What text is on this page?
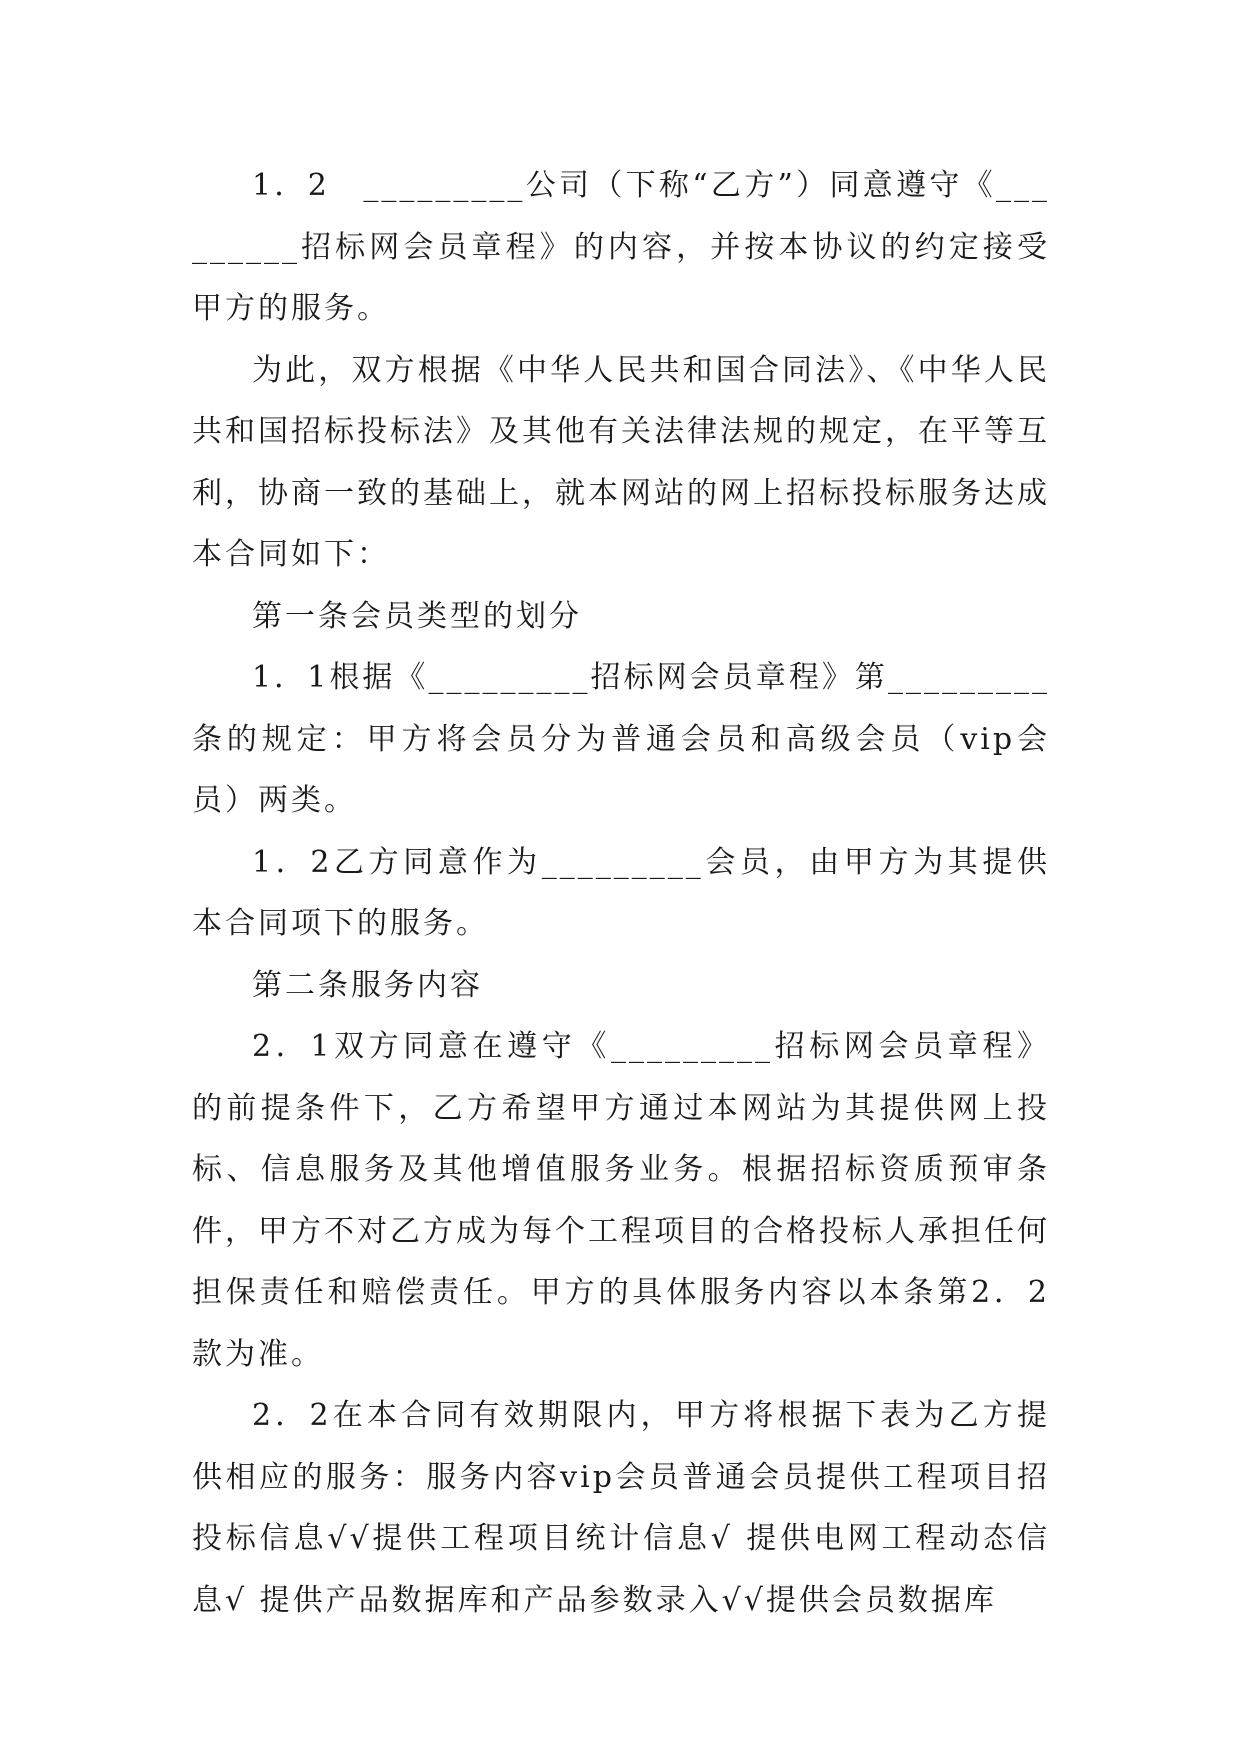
1．2　_________公司（下称“乙方”）同意遵守《_________招标网会员章程》的内容，并按本协议的约定接受甲方的服务。

为此，双方根据《中华人民共和国合同法》、《中华人民共和国招标投标法》及其他有关法律法规的规定，在平等互利，协商一致的基础上，就本网站的网上招标投标服务达成本合同如下：

第一条会员类型的划分

1．1根据《_________招标网会员章程》第_________条的规定：甲方将会员分为普通会员和高级会员（vip会员）两类。

1．2乙方同意作为_________会员，由甲方为其提供本合同项下的服务。

第二条服务内容

2．1双方同意在遵守《_________招标网会员章程》的前提条件下，乙方希望甲方通过本网站为其提供网上投标、信息服务及其他增值服务业务。根据招标资质预审条件，甲方不对乙方成为每个工程项目的合格投标人承担任何担保责任和赔偿责任。甲方的具体服务内容以本条第2．2款为准。

2．2在本合同有效期限内，甲方将根据下表为乙方提供相应的服务：服务内容vip会员普通会员提供工程项目招投标信息√√提供工程项目统计信息√ 提供电网工程动态信息√ 提供产品数据库和产品参数录入√√提供会员数据库
